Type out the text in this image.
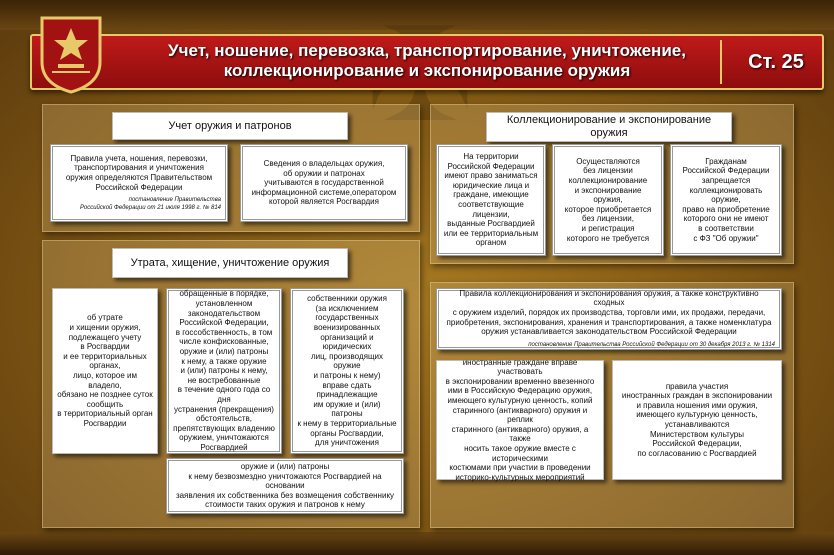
Учет, ношение, перевозка, транспортирование, уничтожение,
коллекционирование и экспонирование оружия	Ст. 25

Учет оружия и патронов

Правила учета, ношения, перевозки,
транспортирования и уничтожения
оружия определяются Правительством
Российской Федерации

постановление Правительства
Российской Федерации от 21 июля 1998 г. № 814

Сведения о владельцах оружия,
об оружии и патронах
учитываются в государственной
информационной системе,оператором
которой является Росгвардия

Утрата, хищение, уничтожение оружия

об утрате
и хищении оружия,
подлежащего учету
в Росгвардии
и ее территориальных
органах,
лицо, которое им владело,
обязано не позднее суток
сообщить
в территориальный орган
Росгвардии

обращенные в порядке,
установленном
законодательством
Российской Федерации,
в госсобственность, в том
числе конфискованные,
оружие и (или) патроны
к нему, а также оружие
и (или) патроны к нему,
не востребованные
в течение одного года со дня
устранения (прекращения)
обстоятельств,
препятствующих владению
оружием, уничтожаются
Росгвардией

собственники оружия
(за исключением
государственных
военизированных
организаций и юридических
лиц, производящих оружие
и патроны к нему)
вправе сдать
принадлежащие
им оружие и (или) патроны
к нему в территориальные
органы Росгвардии,
для уничтожения

оружие и (или) патроны
к нему безвозмездно уничтожаются Росгвардией на основании
заявления их собственника без возмещения собственнику
стоимости таких оружия и патронов к нему

Коллекционирование и экспонирование оружия

На территории
Российской Федерации
имеют право заниматься
юридические лица и
граждане, имеющие
соответствующие лицензии,
выданные Росгвардией
или ее территориальным
органом

Осуществляются
без лицензии
коллекционирование
и экспонирование оружия,
которое приобретается
без лицензии,
и регистрация
которого не требуется

Гражданам
Российской Федерации
запрещается
коллекционировать оружие,
право на приобретение
которого они не имеют
в соответствии
с ФЗ "Об оружии"

Правила коллекционирования и экспонирования оружия, а также конструктивно сходных
с оружием изделий, порядок их производства, торговли ими, их продажи, передачи,
приобретения, экспонирования, хранения и транспортирования, а также номенклатура
оружия устанавливается законодательством Российской Федерации

постановление Правительства Российской Федерации от 30 декабря 2013 г. № 1314

иностранные граждане вправе участвовать
в экспонировании временно ввезенного
ими в Российскую Федерацию оружия,
имеющего культурную ценность, копий
старинного (антикварного) оружия и реплик
старинного (антикварного) оружия, а также
носить такое оружие вместе с историческими
костюмами при участии в проведении
историко-культурных мероприятий

правила участия
иностранных граждан в экспонировании
и правила ношения ими оружия,
имеющего культурную ценность,
устанавливаются
Министерством культуры
Российской Федерации,
по согласованию с Росгвардией
